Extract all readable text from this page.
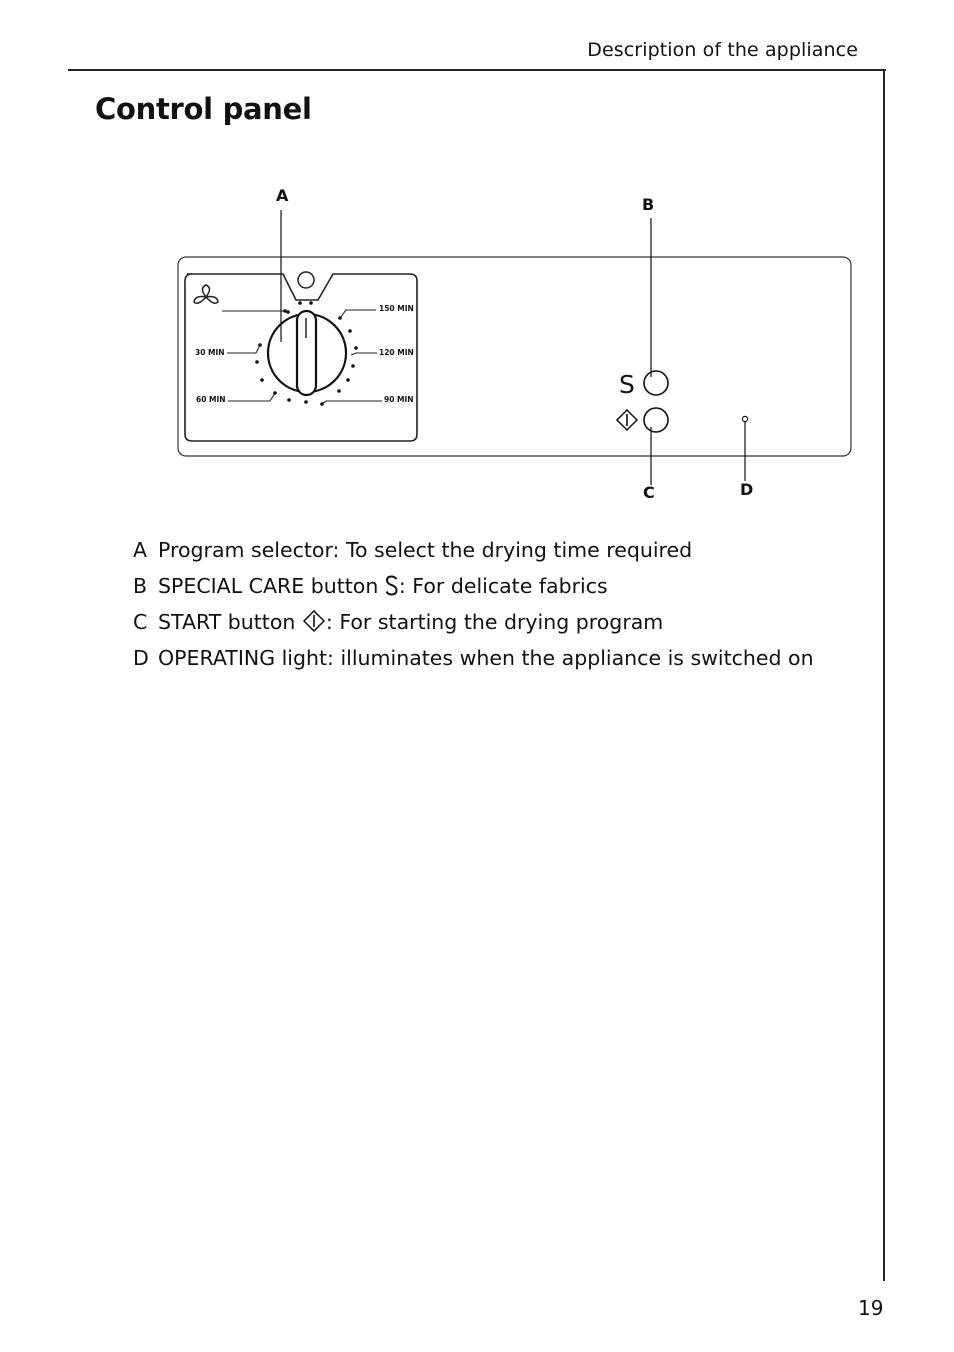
Description of the appliance
Control panel
150 MIN
120 MIN
90 MIN
60 MIN
30 MIN
S
A	B
C	D
A Program selector: To select the drying time required
B SPECIAL CARE button : For delicate fabrics
C START button : For starting the drying program
D OPERATING light: illuminates when the appliance is switched on
19
